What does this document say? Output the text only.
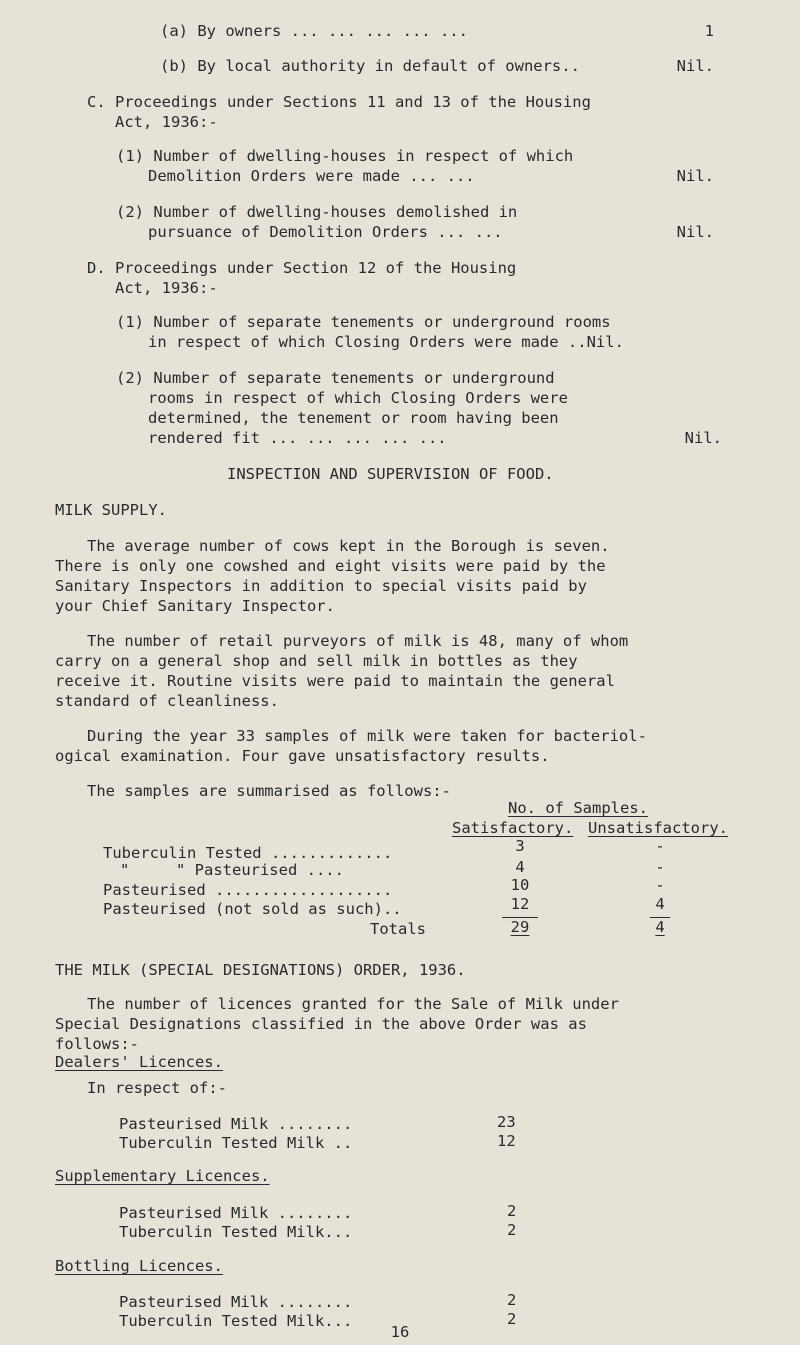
(a) By owners ... ... ... ... ...	1
(b) By local authority in default of owners..	Nil.
C. Proceedings under Sections 11 and 13 of the Housing
Act, 1936:-
(1) Number of dwelling-houses in respect of which
Demolition Orders were made ... ...	Nil.
(2) Number of dwelling-houses demolished in
pursuance of Demolition Orders ... ...	Nil.
D. Proceedings under Section 12 of the Housing
Act, 1936:-
(1) Number of separate tenements or underground rooms
in respect of which Closing Orders were made ..Nil.
(2) Number of separate tenements or underground
rooms in respect of which Closing Orders were
determined, the tenement or room having been
rendered fit ... ... ... ... ...	Nil.
INSPECTION AND SUPERVISION OF FOOD.
MILK SUPPLY.
The average number of cows kept in the Borough is seven.
There is only one cowshed and eight visits were paid by the
Sanitary Inspectors in addition to special visits paid by
your Chief Sanitary Inspector.
The number of retail purveyors of milk is 48, many of whom
carry on a general shop and sell milk in bottles as they
receive it. Routine visits were paid to maintain the general
standard of cleanliness.
During the year 33 samples of milk were taken for bacteriol-
ogical examination. Four gave unsatisfactory results.
The samples are summarised as follows:-
No. of Samples.
Satisfactory. Unsatisfactory.
Tuberculin Tested .............	3	-
"     " Pasteurised ....	4	-
Pasteurised ...................	10	-
Pasteurised (not sold as such)..	12	4
Totals	29	4
THE MILK (SPECIAL DESIGNATIONS) ORDER, 1936.
The number of licences granted for the Sale of Milk under
Special Designations classified in the above Order was as
follows:-
Dealers' Licences.
In respect of:-
Pasteurised Milk ........	23
Tuberculin Tested Milk ..	12
Supplementary Licences.
Pasteurised Milk ........	2
Tuberculin Tested Milk...	2
Bottling Licences.
Pasteurised Milk ........	2
Tuberculin Tested Milk...	2
16
